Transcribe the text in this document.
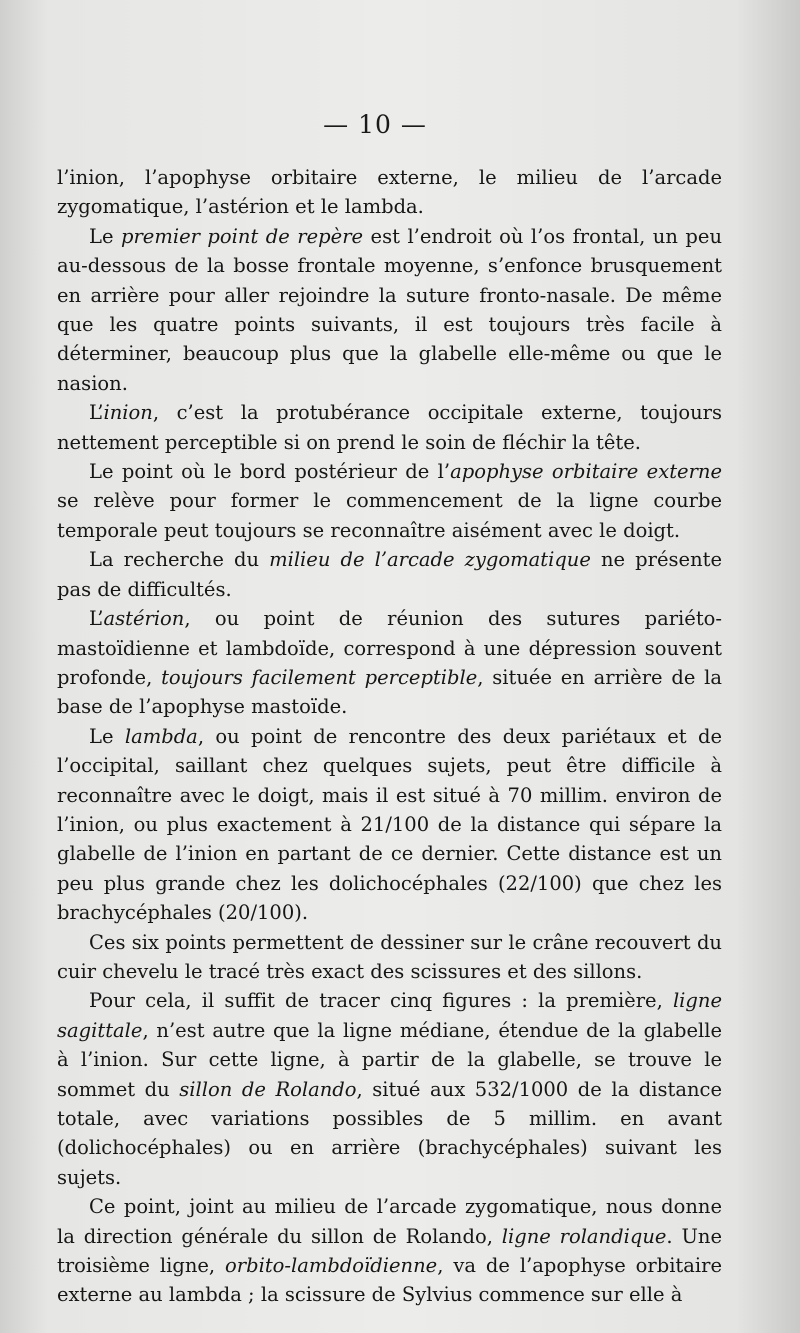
— 10 —

l’inion, l’apophyse orbitaire externe, le milieu de l’arcade zygomatique, l’astérion et le lambda.

Le premier point de repère est l’endroit où l’os frontal, un peu au-dessous de la bosse frontale moyenne, s’enfonce brusquement en arrière pour aller rejoindre la suture fronto-nasale. De même que les quatre points suivants, il est toujours très facile à déterminer, beaucoup plus que la glabelle elle-même ou que le nasion.

L’inion, c’est la protubérance occipitale externe, toujours nettement perceptible si on prend le soin de fléchir la tête.

Le point où le bord postérieur de l’apophyse orbitaire externe se relève pour former le commencement de la ligne courbe temporale peut toujours se reconnaître aisément avec le doigt.

La recherche du milieu de l’arcade zygomatique ne présente pas de difficultés.

L’astérion, ou point de réunion des sutures pariéto-mastoïdienne et lambdoïde, correspond à une dépression souvent profonde, toujours facilement perceptible, située en arrière de la base de l’apophyse mastoïde.

Le lambda, ou point de rencontre des deux pariétaux et de l’occipital, saillant chez quelques sujets, peut être difficile à reconnaître avec le doigt, mais il est situé à 70 millim. environ de l’inion, ou plus exactement à 21/100 de la distance qui sépare la glabelle de l’inion en partant de ce dernier. Cette distance est un peu plus grande chez les dolichocéphales (22/100) que chez les brachycéphales (20/100).

Ces six points permettent de dessiner sur le crâne recouvert du cuir chevelu le tracé très exact des scissures et des sillons.

Pour cela, il suffit de tracer cinq figures : la première, ligne sagittale, n’est autre que la ligne médiane, étendue de la glabelle à l’inion. Sur cette ligne, à partir de la glabelle, se trouve le sommet du sillon de Rolando, situé aux 532/1000 de la distance totale, avec variations possibles de 5 millim. en avant (dolichocéphales) ou en arrière (brachycéphales) suivant les sujets.

Ce point, joint au milieu de l’arcade zygomatique, nous donne la direction générale du sillon de Rolando, ligne rolandique. Une troisième ligne, orbito-lambdoïdienne, va de l’apophyse orbitaire externe au lambda ; la scissure de Sylvius commence sur elle à
